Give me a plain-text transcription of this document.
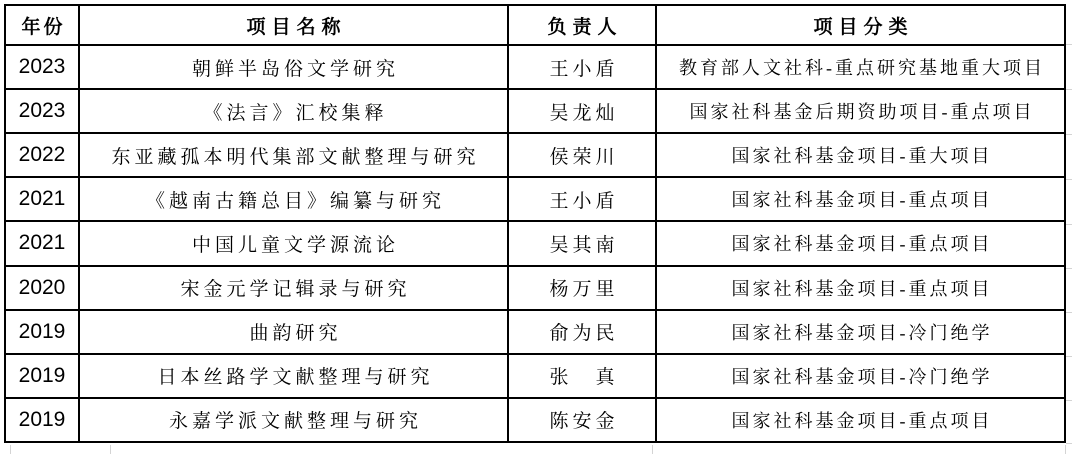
年份	项目名称	负责人	项目分类
2023	朝鲜半岛俗文学研究	王小盾	教育部人文社科-重点研究基地重大项目
2023	《法言》汇校集释	吴龙灿	国家社科基金后期资助项目-重点项目
2022	东亚藏孤本明代集部文献整理与研究	侯荣川	国家社科基金项目-重大项目
2021	《越南古籍总目》编纂与研究	王小盾	国家社科基金项目-重点项目
2021	中国儿童文学源流论	吴其南	国家社科基金项目-重点项目
2020	宋金元学记辑录与研究	杨万里	国家社科基金项目-重点项目
2019	曲韵研究	俞为民	国家社科基金项目-冷门绝学
2019	日本丝路学文献整理与研究	张　真	国家社科基金项目-冷门绝学
2019	永嘉学派文献整理与研究	陈安金	国家社科基金项目-重点项目
